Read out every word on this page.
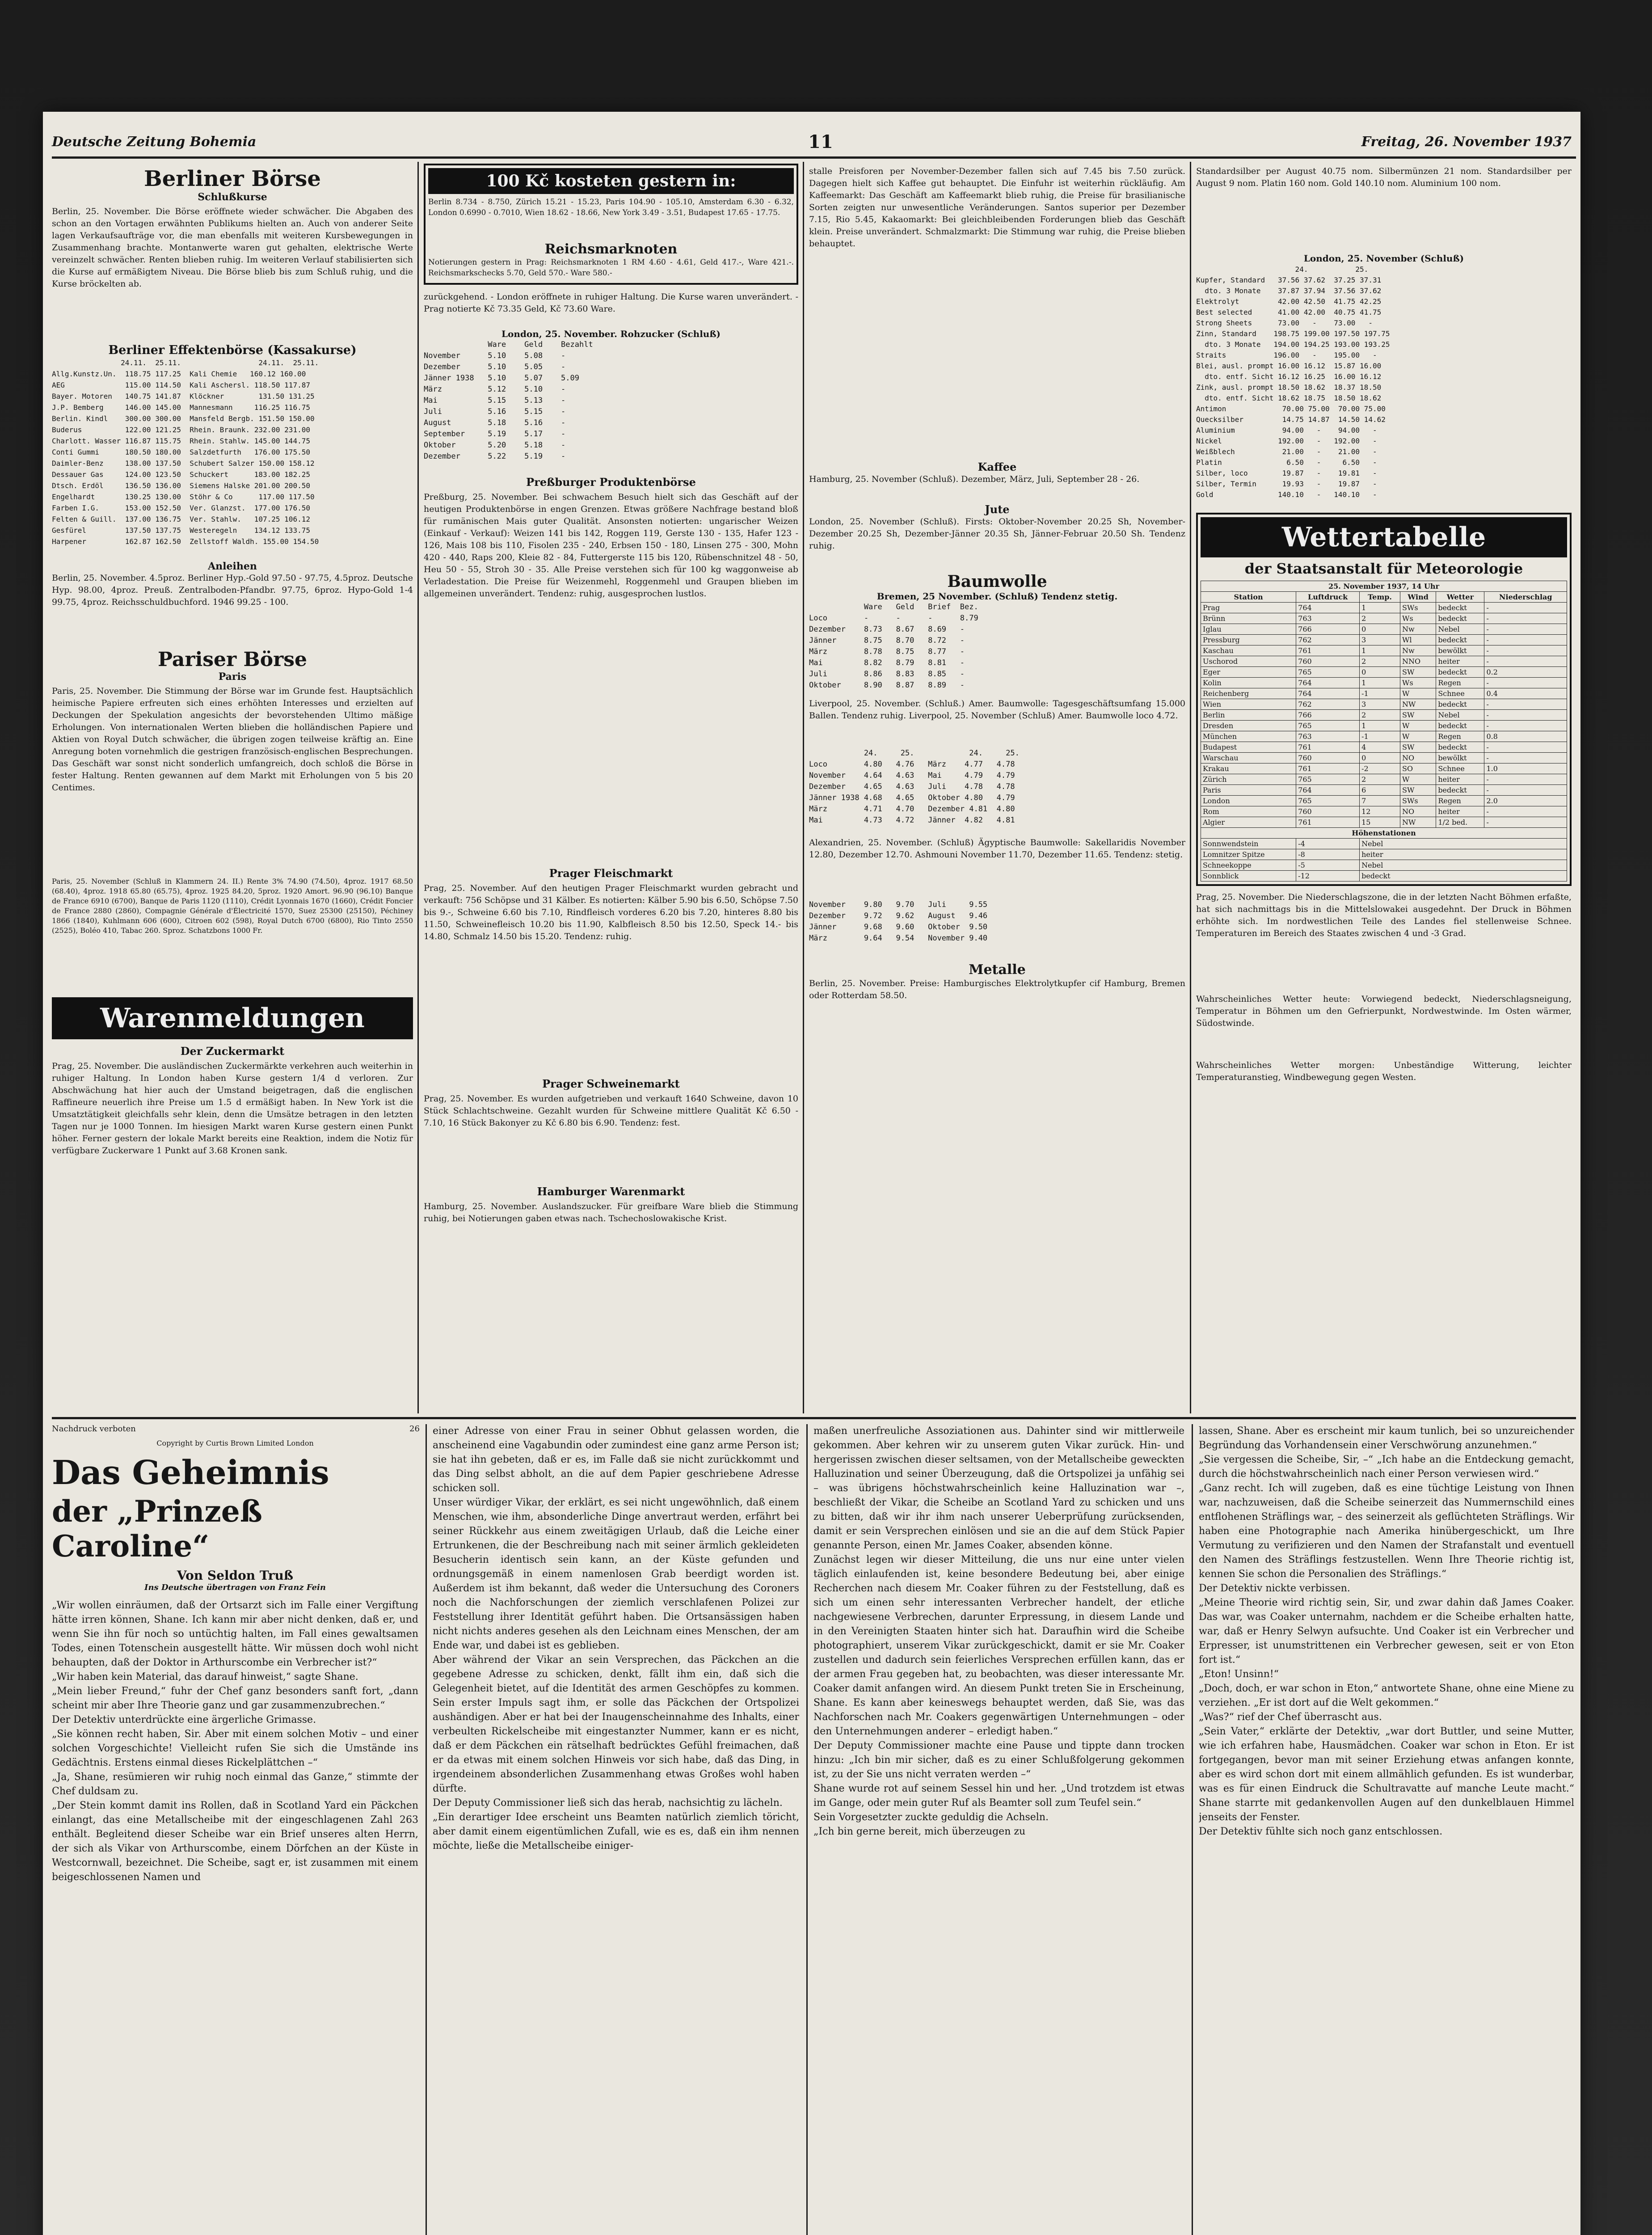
Deutsche Zeitung Bohemia	11	Freitag, 26. November 1937
Berliner Börse
Schlußkurse
Berlin, 25. November. Die Börse eröffnete wieder schwächer. Die Abgaben des schon an den Vortagen erwähnten Publikums hielten an. Auch von anderer Seite lagen Verkaufsaufträge vor, die man ebenfalls mit weiteren Kursbewegungen in Zusammenhang brachte. Montanwerte waren gut gehalten, elektrische Werte vereinzelt schwächer. Renten blieben ruhig. Im weiteren Verlauf stabilisierten sich die Kurse auf ermäßigtem Niveau. Die Börse blieb bis zum Schluß ruhig, und die Kurse bröckelten ab.
Berliner Effektenbörse (Kassakurse)
24.11.  25.11.                  24.11.  25.11.
Allg.Kunstz.Un.  118.75 117.25  Kali Chemie   160.12 160.00
AEG              115.00 114.50  Kali Aschersl. 118.50 117.87
Bayer. Motoren   140.75 141.87  Klöckner        131.50 131.25
J.P. Bemberg     146.00 145.00  Mannesmann     116.25 116.75
Berlin. Kindl    300.00 300.00  Mansfeld Bergb. 151.50 150.00
Buderus          122.00 121.25  Rhein. Braunk. 232.00 231.00
Charlott. Wasser 116.87 115.75  Rhein. Stahlw. 145.00 144.75
Conti Gummi      180.50 180.00  Salzdetfurth   176.00 175.50
Daimler-Benz     138.00 137.50  Schubert Salzer 150.00 158.12
Dessauer Gas     124.00 123.50  Schuckert      183.00 182.25
Dtsch. Erdöl     136.50 136.00  Siemens Halske 201.00 200.50
Engelhardt       130.25 130.00  Stöhr & Co      117.00 117.50
Farben I.G.      153.00 152.50  Ver. Glanzst.  177.00 176.50
Felten & Guill.  137.00 136.75  Ver. Stahlw.   107.25 106.12
Gesfürel         137.50 137.75  Westeregeln    134.12 133.75
Harpener         162.87 162.50  Zellstoff Waldh. 155.00 154.50
Anleihen
Berlin, 25. November. 4.5proz. Berliner Hyp.-Gold 97.50 - 97.75, 4.5proz. Deutsche Hyp. 98.00, 4proz. Preuß. Zentralboden-Pfandbr. 97.75, 6proz. Hypo-Gold 1-4 99.75, 4proz. Reichsschuldbuchford. 1946 99.25 - 100.
Pariser Börse
Paris
Paris, 25. November. Die Stimmung der Börse war im Grunde fest. Hauptsächlich heimische Papiere erfreuten sich eines erhöhten Interesses und erzielten auf Deckungen der Spekulation angesichts der bevorstehenden Ultimo mäßige Erholungen. Von internationalen Werten blieben die holländischen Papiere und Aktien von Royal Dutch schwächer, die übrigen zogen teilweise kräftig an. Eine Anregung boten vornehmlich die gestrigen französisch-englischen Besprechungen. Das Geschäft war sonst nicht sonderlich umfangreich, doch schloß die Börse in fester Haltung. Renten gewannen auf dem Markt mit Erholungen von 5 bis 20 Centimes.
Paris, 25. November (Schluß in Klammern 24. II.) Rente 3% 74.90 (74.50), 4proz. 1917 68.50 (68.40), 4proz. 1918 65.80 (65.75), 4proz. 1925 84.20, 5proz. 1920 Amort. 96.90 (96.10) Banque de France 6910 (6700), Banque de Paris 1120 (1110), Crédit Lyonnais 1670 (1660), Crédit Foncier de France 2880 (2860), Compagnie Générale d'Électricité 1570, Suez 25300 (25150), Péchiney 1866 (1840), Kuhlmann 606 (600), Citroen 602 (598), Royal Dutch 6700 (6800), Rio Tinto 2550 (2525), Boléo 410, Tabac 260. Sproz. Schatzbons 1000 Fr.
Warenmeldungen
Der Zuckermarkt
Prag, 25. November. Die ausländischen Zuckermärkte verkehren auch weiterhin in ruhiger Haltung. In London haben Kurse gestern 1/4 d verloren. Zur Abschwächung hat hier auch der Umstand beigetragen, daß die englischen Raffineure neuerlich ihre Preise um 1.5 d ermäßigt haben. In New York ist die Umsatztätigkeit gleichfalls sehr klein, denn die Umsätze betragen in den letzten Tagen nur je 1000 Tonnen. Im hiesigen Markt waren Kurse gestern einen Punkt höher. Ferner gestern der lokale Markt bereits eine Reaktion, indem die Notiz für verfügbare Zuckerware 1 Punkt auf 3.68 Kronen sank.
100 Kč kosteten gestern in:
Berlin 8.734 - 8.750, Zürich 15.21 - 15.23, Paris 104.90 - 105.10, Amsterdam 6.30 - 6.32, London 0.6990 - 0.7010, Wien 18.62 - 18.66, New York 3.49 - 3.51, Budapest 17.65 - 17.75.
Reichsmarknoten
Notierungen gestern in Prag: Reichsmarknoten 1 RM 4.60 - 4.61, Geld 417.-, Ware 421.-. Reichsmarkschecks 5.70, Geld 570.- Ware 580.-
zurückgehend. - London eröffnete in ruhiger Haltung. Die Kurse waren unverändert. - Prag notierte Kč 73.35 Geld, Kč 73.60 Ware.
London, 25. November. Rohzucker (Schluß)
Ware    Geld    Bezahlt
November      5.10    5.08    -
Dezember      5.10    5.05    -
Jänner 1938   5.10    5.07    5.09
März          5.12    5.10    -
Mai           5.15    5.13    -
Juli          5.16    5.15    -
August        5.18    5.16    -
September     5.19    5.17    -
Oktober       5.20    5.18    -
Dezember      5.22    5.19    -
Preßburger Produktenbörse
Preßburg, 25. November. Bei schwachem Besuch hielt sich das Geschäft auf der heutigen Produktenbörse in engen Grenzen. Etwas größere Nachfrage bestand bloß für rumänischen Mais guter Qualität. Ansonsten notierten: ungarischer Weizen (Einkauf - Verkauf): Weizen 141 bis 142, Roggen 119, Gerste 130 - 135, Hafer 123 - 126, Mais 108 bis 110, Fisolen 235 - 240, Erbsen 150 - 180, Linsen 275 - 300, Mohn 420 - 440, Raps 200, Kleie 82 - 84, Futtergerste 115 bis 120, Rübenschnitzel 48 - 50, Heu 50 - 55, Stroh 30 - 35. Alle Preise verstehen sich für 100 kg waggonweise ab Verladestation. Die Preise für Weizenmehl, Roggenmehl und Graupen blieben im allgemeinen unverändert. Tendenz: ruhig, ausgesprochen lustlos.
Prager Fleischmarkt
Prag, 25. November. Auf den heutigen Prager Fleischmarkt wurden gebracht und verkauft: 756 Schöpse und 31 Kälber. Es notierten: Kälber 5.90 bis 6.50, Schöpse 7.50 bis 9.-, Schweine 6.60 bis 7.10, Rindfleisch vorderes 6.20 bis 7.20, hinteres 8.80 bis 11.50, Schweinefleisch 10.20 bis 11.90, Kalbfleisch 8.50 bis 12.50, Speck 14.- bis 14.80, Schmalz 14.50 bis 15.20. Tendenz: ruhig.
Prager Schweinemarkt
Prag, 25. November. Es wurden aufgetrieben und verkauft 1640 Schweine, davon 10 Stück Schlachtschweine. Gezahlt wurden für Schweine mittlere Qualität Kč 6.50 - 7.10, 16 Stück Bakonyer zu Kč 6.80 bis 6.90. Tendenz: fest.
Hamburger Warenmarkt
Hamburg, 25. November. Auslandszucker. Für greifbare Ware blieb die Stimmung ruhig, bei Notierungen gaben etwas nach. Tschechoslowakische Krist.
stalle Preisforen per November-Dezember fallen sich auf 7.45 bis 7.50 zurück. Dagegen hielt sich Kaffee gut behauptet. Die Einfuhr ist weiterhin rückläufig. Am Kaffeemarkt: Das Geschäft am Kaffeemarkt blieb ruhig, die Preise für brasilianische Sorten zeigten nur unwesentliche Veränderungen. Santos superior per Dezember 7.15, Rio 5.45, Kakaomarkt: Bei gleichbleibenden Forderungen blieb das Geschäft klein. Preise unverändert. Schmalzmarkt: Die Stimmung war ruhig, die Preise blieben behauptet.
Kaffee
Hamburg, 25. November (Schluß). Dezember, März, Juli, September 28 - 26.
Jute
London, 25. November (Schluß). Firsts: Oktober-November 20.25 Sh, November-Dezember 20.25 Sh, Dezember-Jänner 20.35 Sh, Jänner-Februar 20.50 Sh. Tendenz ruhig.
Baumwolle
Bremen, 25 November. (Schluß) Tendenz stetig.
Ware   Geld   Brief  Bez.
Loco        -      -      -      8.79
Dezember    8.73   8.67   8.69   -
Jänner      8.75   8.70   8.72   -
März        8.78   8.75   8.77   -
Mai         8.82   8.79   8.81   -
Juli        8.86   8.83   8.85   -
Oktober     8.90   8.87   8.89   -
Liverpool, 25. November. (Schluß.) Amer. Baumwolle: Tagesgeschäftsumfang 15.000 Ballen. Tendenz ruhig. Liverpool, 25. November (Schluß) Amer. Baumwolle loco 4.72.
24.     25.            24.     25.
Loco        4.80   4.76   März    4.77   4.78
November    4.64   4.63   Mai     4.79   4.79
Dezember    4.65   4.63   Juli    4.78   4.78
Jänner 1938 4.68   4.65   Oktober 4.80   4.79
März        4.71   4.70   Dezember 4.81  4.80
Mai         4.73   4.72   Jänner  4.82   4.81
Alexandrien, 25. November. (Schluß) Ägyptische Baumwolle: Sakellaridis November 12.80, Dezember 12.70. Ashmouni November 11.70, Dezember 11.65. Tendenz: stetig.
November    9.80   9.70   Juli     9.55
Dezember    9.72   9.62   August   9.46
Jänner      9.68   9.60   Oktober  9.50
März        9.64   9.54   November 9.40
Metalle
Berlin, 25. November. Preise: Hamburgisches Elektrolytkupfer cif Hamburg, Bremen oder Rotterdam 58.50.
Standardsilber per August 40.75 nom. Silbermünzen 21 nom. Standardsilber per August 9 nom. Platin 160 nom. Gold 140.10 nom. Aluminium 100 nom.
London, 25. November (Schluß)
24.           25.
Kupfer, Standard   37.56 37.62  37.25 37.31
dto. 3 Monate    37.87 37.94  37.56 37.62
Elektrolyt         42.00 42.50  41.75 42.25
Best selected      41.00 42.00  40.75 41.75
Strong Sheets      73.00   -    73.00   -
Zinn, Standard    198.75 199.00 197.50 197.75
dto. 3 Monate   194.00 194.25 193.00 193.25
Straits           196.00   -    195.00   -
Blei, ausl. prompt 16.00 16.12  15.87 16.00
dto. entf. Sicht 16.12 16.25  16.00 16.12
Zink, ausl. prompt 18.50 18.62  18.37 18.50
dto. entf. Sicht 18.62 18.75  18.50 18.62
Antimon             70.00 75.00  70.00 75.00
Quecksilber         14.75 14.87  14.50 14.62
Aluminium           94.00   -    94.00   -
Nickel             192.00   -   192.00   -
Weißblech           21.00   -    21.00   -
Platin               6.50   -     6.50   -
Silber, loco        19.87   -    19.81   -
Silber, Termin      19.93   -    19.87   -
Gold               140.10   -   140.10   -
Wettertabelle
der Staatsanstalt für Meteorologie
25. November 1937, 14 Uhr					
Station	Luftdruck	Temp.	Wind	Wetter	Niederschlag
Prag	764	1	SWs	bedeckt	-
Brünn	763	2	Ws	bedeckt	-
Iglau	766	0	Nw	Nebel	-
Pressburg	762	3	Wl	bedeckt	-
Kaschau	761	1	Nw	bewölkt	-
Uschorod	760	2	NNO	heiter	-
Eger	765	0	SW	bedeckt	0.2
Kolin	764	1	Ws	Regen	-
Reichenberg	764	-1	W	Schnee	0.4
Wien	762	3	NW	bedeckt	-
Berlin	766	2	SW	Nebel	-
Dresden	765	1	W	bedeckt	-
München	763	-1	W	Regen	0.8
Budapest	761	4	SW	bedeckt	-
Warschau	760	0	NO	bewölkt	-
Krakau	761	-2	SO	Schnee	1.0
Zürich	765	2	W	heiter	-
Paris	764	6	SW	bedeckt	-
London	765	7	SWs	Regen	2.0
Rom	760	12	NO	heiter	-
Algier	761	15	NW	1/2 bed.	-
Höhenstationen					
Sonnwendstein	-4	Nebel			
Lomnitzer Spitze	-8	heiter			
Schneekoppe	-5	Nebel			
Sonnblick	-12	bedeckt			
Prag, 25. November. Die Niederschlagszone, die in der letzten Nacht Böhmen erfaßte, hat sich nachmittags bis in die Mittelslowakei ausgedehnt. Der Druck in Böhmen erhöhte sich. Im nordwestlichen Teile des Landes fiel stellenweise Schnee. Temperaturen im Bereich des Staates zwischen 4 und -3 Grad.
Wahrscheinliches Wetter heute: Vorwiegend bedeckt, Niederschlagsneigung, Temperatur in Böhmen um den Gefrierpunkt, Nordwestwinde. Im Osten wärmer, Südostwinde.
Wahrscheinliches Wetter morgen: Unbeständige Witterung, leichter Temperaturanstieg, Windbewegung gegen Westen.
Nachdruck verboten
Copyright by Curtis Brown Limited London
Das Geheimnis
der „Prinzeß Caroline“
Von Seldon Truß
Ins Deutsche übertragen von Franz Fein
„Wir wollen einräumen, daß der Ortsarzt sich im Falle einer Vergiftung hätte irren können, Shane. Ich kann mir aber nicht denken, daß er, und wenn Sie ihn für noch so untüchtig halten, im Fall eines gewaltsamen Todes, einen Totenschein ausgestellt hätte. Wir müssen doch wohl nicht behaupten, daß der Doktor in Arthurscombe ein Verbrecher ist?“
„Wir haben kein Material, das darauf hinweist,“ sagte Shane.
„Mein lieber Freund,“ fuhr der Chef ganz besonders sanft fort, „dann scheint mir aber Ihre Theorie ganz und gar zusammenzubrechen.“
Der Detektiv unterdrückte eine ärgerliche Grimasse.
„Sie können recht haben, Sir. Aber mit einem solchen Motiv – und einer solchen Vorgeschichte! Vielleicht rufen Sie sich die Umstände ins Gedächtnis. Erstens einmal dieses Rickelplättchen –“
„Ja, Shane, resümieren wir ruhig noch einmal das Ganze,“ stimmte der Chef duldsam zu.
„Der Stein kommt damit ins Rollen, daß in Scotland Yard ein Päckchen einlangt, das eine Metallscheibe mit der eingeschlagenen Zahl 263 enthält. Begleitend dieser Scheibe war ein Brief unseres alten Herrn, der sich als Vikar von Arthurscombe, einem Dörfchen an der Küste in Westcornwall, bezeichnet. Die Scheibe, sagt er, ist zusammen mit einem beigeschlossenen Namen und
26 einer Adresse von einer Frau in seiner Obhut gelassen worden, die anscheinend eine Vagabundin oder zumindest eine ganz arme Person ist; sie hat ihn gebeten, daß er es, im Falle daß sie nicht zurückkommt und das Ding selbst abholt, an die auf dem Papier geschriebene Adresse schicken soll.
Unser würdiger Vikar, der erklärt, es sei nicht ungewöhnlich, daß einem Menschen, wie ihm, absonderliche Dinge anvertraut werden, erfährt bei seiner Rückkehr aus einem zweitägigen Urlaub, daß die Leiche einer Ertrunkenen, die der Beschreibung nach mit seiner ärmlich gekleideten Besucherin identisch sein kann, an der Küste gefunden und ordnungsgemäß in einem namenlosen Grab beerdigt worden ist. Außerdem ist ihm bekannt, daß weder die Untersuchung des Coroners noch die Nachforschungen der ziemlich verschlafenen Polizei zur Feststellung ihrer Identität geführt haben. Die Ortsansässigen haben nicht nichts anderes gesehen als den Leichnam eines Menschen, der am Ende war, und dabei ist es geblieben.
Aber während der Vikar an sein Versprechen, das Päckchen an die gegebene Adresse zu schicken, denkt, fällt ihm ein, daß sich die Gelegenheit bietet, auf die Identität des armen Geschöpfes zu kommen. Sein erster Impuls sagt ihm, er solle das Päckchen der Ortspolizei aushändigen. Aber er hat bei der Inaugenscheinnahme des Inhalts, einer verbeulten Rickelscheibe mit eingestanzter Nummer, kann er es nicht, daß er dem Päckchen ein rätselhaft bedrücktes Gefühl freimachen, daß er da etwas mit einem solchen Hinweis vor sich habe, daß das Ding, in irgendeinem absonderlichen Zusammenhang etwas Großes wohl haben dürfte.
Der Deputy Commissioner ließ sich das herab, nachsichtig zu lächeln.
„Ein derartiger Idee erscheint uns Beamten natürlich ziemlich töricht, aber damit einem eigentümlichen Zufall, wie es es, daß ein ihm nennen möchte, ließe die Metallscheibe einiger-
maßen unerfreuliche Assoziationen aus. Dahinter sind wir mittlerweile gekommen. Aber kehren wir zu unserem guten Vikar zurück. Hin- und hergerissen zwischen dieser seltsamen, von der Metallscheibe geweckten Halluzination und seiner Überzeugung, daß die Ortspolizei ja unfähig sei – was übrigens höchstwahrscheinlich keine Halluzination war –, beschließt der Vikar, die Scheibe an Scotland Yard zu schicken und uns zu bitten, daß wir ihr ihm nach unserer Ueberprüfung zurücksenden, damit er sein Versprechen einlösen und sie an die auf dem Stück Papier genannte Person, einen Mr. James Coaker, absenden könne.
Zunächst legen wir dieser Mitteilung, die uns nur eine unter vielen täglich einlaufenden ist, keine besondere Bedeutung bei, aber einige Recherchen nach diesem Mr. Coaker führen zu der Feststellung, daß es sich um einen sehr interessanten Verbrecher handelt, der etliche nachgewiesene Verbrechen, darunter Erpressung, in diesem Lande und in den Vereinigten Staaten hinter sich hat. Daraufhin wird die Scheibe photographiert, unserem Vikar zurückgeschickt, damit er sie Mr. Coaker zustellen und dadurch sein feierliches Versprechen erfüllen kann, das er der armen Frau gegeben hat, zu beobachten, was dieser interessante Mr. Coaker damit anfangen wird. An diesem Punkt treten Sie in Erscheinung, Shane. Es kann aber keineswegs behauptet werden, daß Sie, was das Nachforschen nach Mr. Coakers gegenwärtigen Unternehmungen – oder den Unternehmungen anderer – erledigt haben.“
Der Deputy Commissioner machte eine Pause und tippte dann trocken hinzu: „Ich bin mir sicher, daß es zu einer Schlußfolgerung gekommen ist, zu der Sie uns nicht verraten werden –“
Shane wurde rot auf seinem Sessel hin und her. „Und trotzdem ist etwas im Gange, oder mein guter Ruf als Beamter soll zum Teufel sein.“
Sein Vorgesetzter zuckte geduldig die Achseln.
„Ich bin gerne bereit, mich überzeugen zu
lassen, Shane. Aber es erscheint mir kaum tunlich, bei so unzureichender Begründung das Vorhandensein einer Verschwörung anzunehmen.“
„Sie vergessen die Scheibe, Sir, –“ „Ich habe an die Entdeckung gemacht, durch die höchstwahrscheinlich nach einer Person verwiesen wird.“
„Ganz recht. Ich will zugeben, daß es eine tüchtige Leistung von Ihnen war, nachzuweisen, daß die Scheibe seinerzeit das Nummernschild eines entflohenen Sträflings war, – des seinerzeit als geflüchteten Sträflings. Wir haben eine Photographie nach Amerika hinübergeschickt, um Ihre Vermutung zu verifizieren und den Namen der Strafanstalt und eventuell den Namen des Sträflings festzustellen. Wenn Ihre Theorie richtig ist, kennen Sie schon die Personalien des Sträflings.“
Der Detektiv nickte verbissen.
„Meine Theorie wird richtig sein, Sir, und zwar dahin daß James Coaker. Das war, was Coaker unternahm, nachdem er die Scheibe erhalten hatte, war, daß er Henry Selwyn aufsuchte. Und Coaker ist ein Verbrecher und Erpresser, ist unumstrittenen ein Verbrecher gewesen, seit er von Eton fort ist.“
„Eton! Unsinn!“
„Doch, doch, er war schon in Eton,“ antwortete Shane, ohne eine Miene zu verziehen. „Er ist dort auf die Welt gekommen.“
„Was?“ rief der Chef überrascht aus.
„Sein Vater,“ erklärte der Detektiv, „war dort Buttler, und seine Mutter, wie ich erfahren habe, Hausmädchen. Coaker war schon in Eton. Er ist fortgegangen, bevor man mit seiner Erziehung etwas anfangen konnte, aber es wird schon dort mit einem allmählich gefunden. Es ist wunderbar, was es für einen Eindruck die Schultravatte auf manche Leute macht.“ Shane starrte mit gedankenvollen Augen auf den dunkelblauen Himmel jenseits der Fenster.
Der Detektiv fühlte sich noch ganz entschlossen.
